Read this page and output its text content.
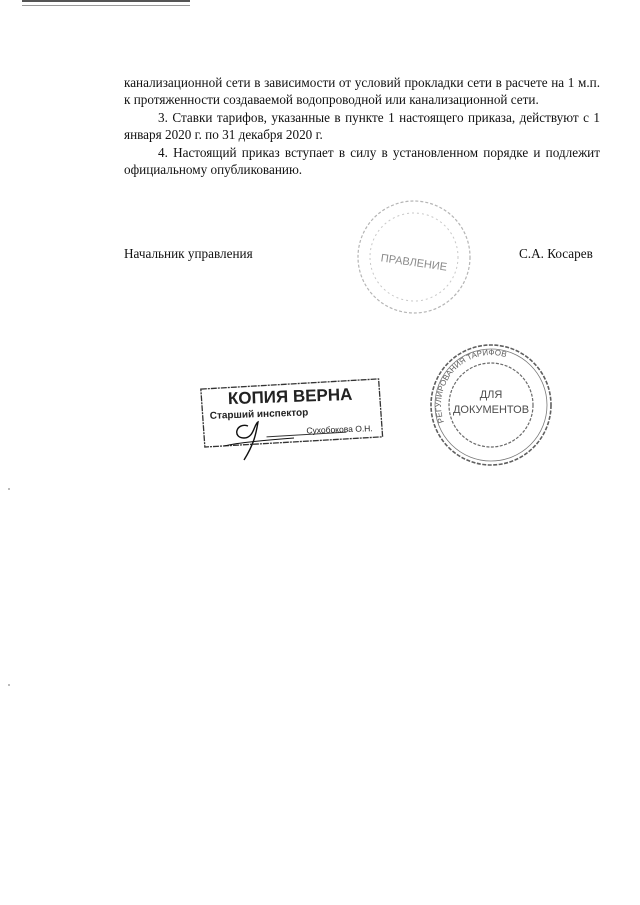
канализационной сети в зависимости от условий прокладки сети в расчете на 1 м.п. к протяженности создаваемой водопроводной или канализационной сети.

3. Ставки тарифов, указанные в пункте 1 настоящего приказа, действуют с 1 января 2020 г. по 31 декабря 2020 г.

4. Настоящий приказ вступает в силу в установленном порядке и подлежит официальному опубликованию.

Начальник управления	С.А. Косарев
ПРАВЛЕНИЕ
РЕГУЛИРОВАНИЯ ТАРИФОВ
ДЛЯ
ДОКУМЕНТОВ
КОПИЯ ВЕРНА
Старший инспектор
Сухобокова О.Н.
